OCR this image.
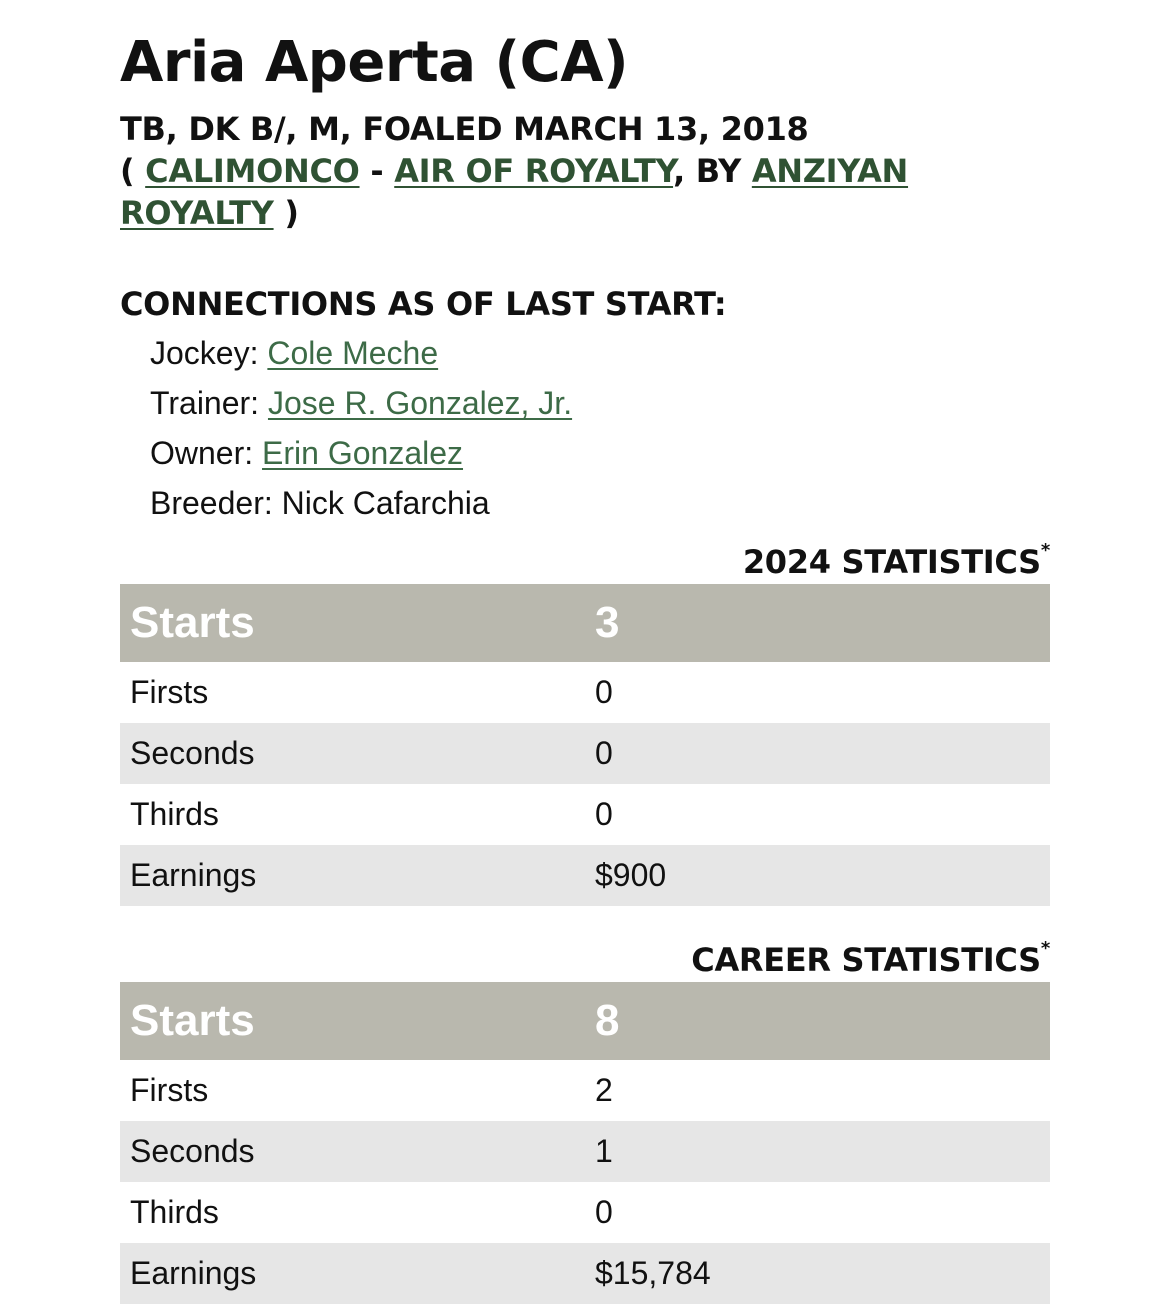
Aria Aperta (CA)
TB, DK B/, M, FOALED MARCH 13, 2018
( CALIMONCO - AIR OF ROYALTY, BY ANZIYAN ROYALTY )
CONNECTIONS AS OF LAST START:
Jockey: Cole Meche
Trainer: Jose R. Gonzalez, Jr.
Owner: Erin Gonzalez
Breeder: Nick Cafarchia
2024 STATISTICS*
Starts	3
Firsts	0
Seconds	0
Thirds	0
Earnings	$900
CAREER STATISTICS*
Starts	8
Firsts	2
Seconds	1
Thirds	0
Earnings	$15,784
